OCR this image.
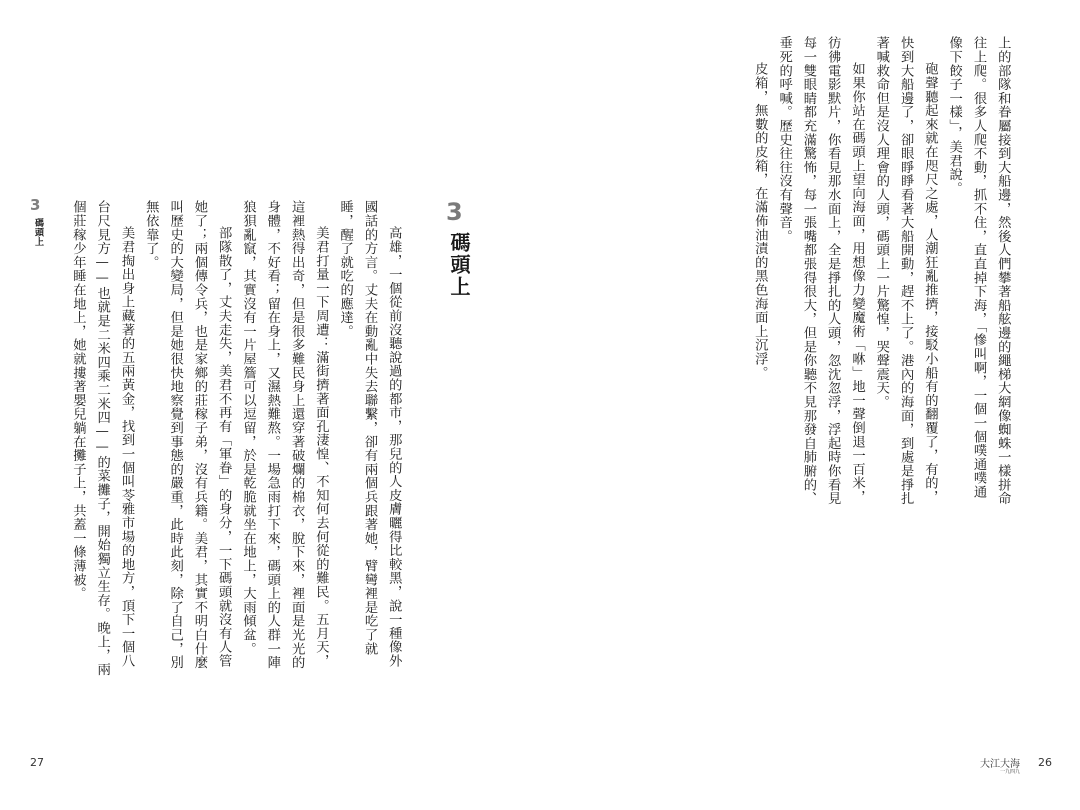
3
碼頭上
3
碼頭上
高雄，一個從前沒聽說過的都市，那兒的人皮膚曬得比較黑，說一種像外
國話的方言。丈夫在動亂中失去聯繫，卻有兩個兵跟著她，臂彎裡是吃了就
睡，醒了就吃的應達。
美君打量一下周遭：滿街擠著面孔淒惶、不知何去何從的難民。五月天，
這裡熱得出奇，但是很多難民身上還穿著破爛的棉衣，脫下來，裡面是光光的
身體，不好看；留在身上，又濕熱難熬。一場急雨打下來，碼頭上的人群一陣
狼狽亂竄，其實沒有一片屋簷可以逗留，於是乾脆就坐在地上，大雨傾盆。
部隊散了，丈夫走失，美君不再有「軍眷」的身分，一下碼頭就沒有人管
她了；兩個傳令兵，也是家鄉的莊稼子弟，沒有兵籍。美君，其實不明白什麼
叫歷史的大變局，但是她很快地察覺到事態的嚴重，此時此刻，除了自己，別
無依靠了。
美君掏出身上藏著的五兩黃金，找到一個叫苓雅市場的地方，頂下一個八
台尺見方——也就是二米四乘二米四——的菜攤子，開始獨立生存。晚上，兩
個莊稼少年睡在地上，她就摟著嬰兒躺在攤子上，共蓋一條薄被。
27
上的部隊和眷屬接到大船邊，然後人們攀著船舷邊的繩梯大網像蜘蛛一樣拼命
往上爬。很多人爬不動，抓不住，直直掉下海，「慘叫啊，一個一個噗通噗通
像下餃子一樣」，美君說。
砲聲聽起來就在咫尺之處，人潮狂亂推擠，接駁小船有的翻覆了，有的，
快到大船邊了，卻眼睜睜看著大船開動，趕不上了。港內的海面，到處是掙扎
著喊救命但是沒人理會的人頭，碼頭上一片驚惶，哭聲震天。
如果你站在碼頭上望向海面，用想像力變魔術「咻」地一聲倒退一百米，
彷彿電影默片，你看見那水面上，全是掙扎的人頭，忽沈忽浮，浮起時你看見
每一雙眼睛都充滿驚怖，每一張嘴都張得很大，但是你聽不見那發自肺腑的、
垂死的呼喊。歷史往往沒有聲音。
皮箱，無數的皮箱，在滿佈油漬的黑色海面上沉浮。
大江大海
一九四九
26
